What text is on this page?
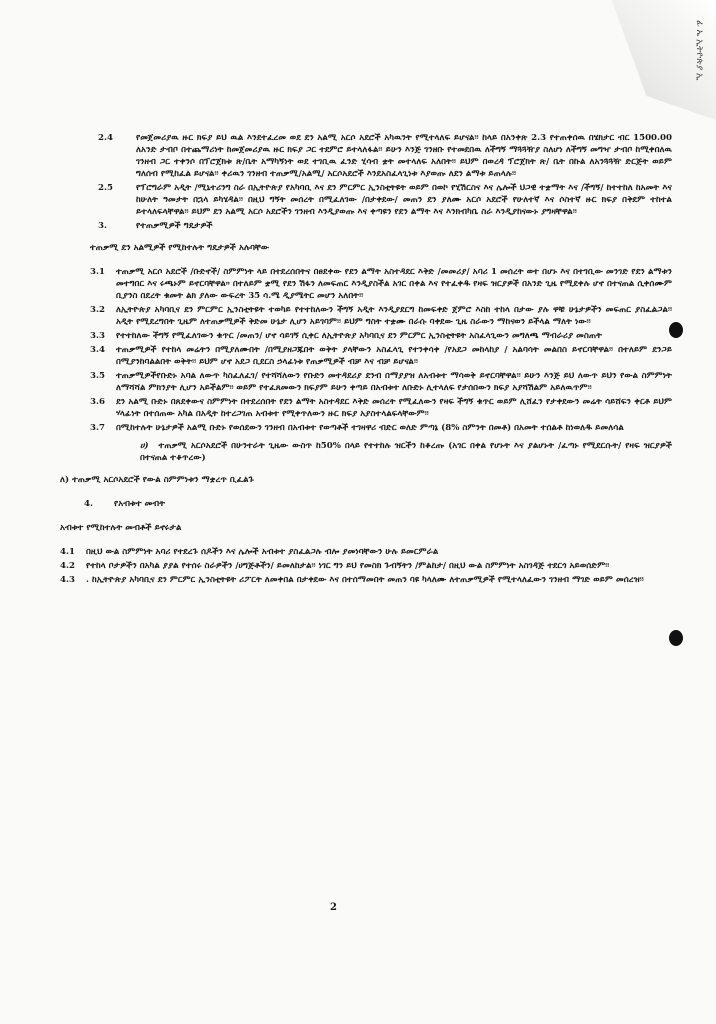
ፊ ኤ ኢትዮጵያ ኢ
2.4	የመጀመሪያዉ ዙር ክፍያ ይህ ዉል እንደተፈረመ ወደ ደን አልሚ አርሶ አደሮች አካዉንት የሚተላለፍ ይሆናል፡፡ ከላይ በአንቀጽ 2.3 የተጠቀሰዉ በሄክታር ብር 1500.00 ለአንድ ታብቦ በተጨማሪነት ከመጀመሪያዉ ዙር ክፍያ ጋር ተደምሮ ይተላለፋል፡፡ ይሁን እንጅ ገንዘቡ የተመደበዉ ለችግኝ ማጓጓዥያ ስለሆነ ለችግኝ መግዣ ታብቦ ከሚቀበለዉ ገንዘብ ጋር ተቀንሶ በፕሮጀክቱ ጽ/ቤት አማካኝነት ወደ ተገቢዉ ፈንድ ሂሳብ ቋት መተላለፍ አለበት፡፡ ይህም በወረዳ ፕሮጀክት ጽ/ ቤት በኩል ለአንጓጓዥ ድርጅት ወይም ግለሰብ የሚከፈል ይሆናል፡፡ ቀሪዉን ገንዘብ ተጠቃሚ/አልሚ/ አርሶአደሮች እንደአስፈላጊነቱ እያወጡ ለደን ልማቱ ይጠላሉ፡፡
2.5	የፕሮግራም አዲት /ሚኒተሪንግ ስራ በኢትዮጵያ የአካባቢ እና ደን ምርምር ኢንስቲትዩት ወይም በወኮ የሂሽርስና እና ሌሎች ህጋዊ ተቋማት እና /ችግኝ/ ከተተከለ ከአመት እና ከሁለት ዓመታት በኋላ ይካሄዳል፡፡ በዚህ ግኝት መሰረት በሚፈለገው /በታቀደው/ መጠን ደን ያለሙ አርሶ አደሮች የሁለተኛ እና ሶስተኛ ዙር ክፍያ በቅደም ተከተል ይተላለፍላቸዋል፡፡ ይህም ደን አልሚ አርሶ አደሮችን ገንዘብ እንዲያወጡ እና ቀጣዩን የደን ልማት እና እንክብካቤ ስራ እንዲያከናውኑ ያግዛቸዋል፡፡
3.	የተጠቃሚዎች ግዴታዎች
ተጠቃሚ ደን አልሚዎች የሚከተሉት ግዴታዎች አሉባቸው
3.1	ተጠቃሚ አርሶ አደሮች /ቡድኖች/ ስምምነት ላይ በተደረሰበትና በፀደቀው የደን ልማት አስተዳደር እቅድ /መመሪያ/ አባሪ 1 መሰረት ወተ በሆኑ እና በተገቢው መንገድ የደን ልማቱን መተግበር እና ሩጫኑም ይኖርባቸዋል። በተለይም ቋሚ የደን ሽፋን ለመፍጠር እንዲያስችል አገር በቀል እና የተፈቀዱ የዛፍ ዝርያዎች በአንድ ጊዜ የሚደቀሉ ሆኖ በተናጠል ሲቀሰሙም ቢያንስ በደረት ቁመት ልክ ያለው ውፍረት 35 ሳ.ሜ ዲያሜትር መሆን አለበት፡፡
3.2	ለኢትዮጵያ አካባቢና ደን ምርምር ኢንስቲትዩት ተወካይ የተተከለውን ችግኝ አዲት እንዲያደርግ ከመፍቀድ ጀምሮ እስከ ተከላ በታው ያሉ ዋቹ ሁኔታዎችን መፍጠር ያስፈልጋል፡፡ አዲት የሚደረግበት ጊዜም ለተጠቃሚዎች ቅድመ ሁኔታ ሊሆን አይገባም፡፡ ይህም ግስት ተቋሙ በራሱ ባቀደው ጊዜ ስራውን ማከናወን ይችላል ማለት ነው፡፡
3.3	የተተከለው ችግኝ የሚፈለገውን ቁጥር /መጠን/ ሆኖ ሳይገኝ ሲቀር ለኢትዮጵያ አካባቢና ደን ምርምር ኢንስቲትዩት አስፈላጊውን መግለጫ ማብራሪያ መስጠት
3.4	ተጠቃሚዎች የተከላ መሬትን በሚያለሙበት /በሚያዘጋጁበት ወቅት ያላቸውን አስፈላጊ የተንቀሳቀ /የአደጋ መከላከያ / አልባሳት መልበስ ይኖርባቸዋል፡፡ በተለይም ደንጋይ በሚያንከባልልበት ወቅት፡፡ ይህም ሆኖ አደጋ ቢደርስ ኃላፊነቱ የጠቃሚዎች ብቻ እና ብቻ ይሆናል፡፡
3.5	ተጠቃሚዎችየቡድኑ አባል ለውጥ ካስፈለፈገ/ የተሻሻለውን የቡድን መተዳደሪያ ደንብ በማያያዝ ለአብቱተ ማሳወቅ ይኖርባቸዋል፡፡ ይሁን እንጅ ይህ ለውጥ ይህን የውል ስምምነት ለማሻሻል ምክንያት ሊሆን አይችልም፡፡ ወይም የተፈጸመውን ክፍያም ይሁን ቀጣይ በአብቱተ ለቡድኑ ሊተላለፍ የታሰበውን ክፍያ አያሻሽልም አይለዉጥም፡፡
3.6	ደን አልሚ ቡድኑ በጸደቀውና ስምምነት በተደረሰበት የደን ልማት አስተዳደር እቅድ መሰረት የሚፈለውን የዛፍ ችግኝ ቁጥር ወይም ሊሸፈን የታቀደውን መሬት ሳይሸፍን ቀርቶ ይህም ሃላፊነት በተሰጠው አካል በአዲት ከተረጋገጠ አብቱተ የሚቀጥለውን ዙር ክፍያ አያስተላልፍላቸውም፡፡
3.7	በሚከተሉት ሁኔታዎች አልሚ ቡድኑ የወሰደውን ገንዘብ በአብቱተ የወጣቶች ተገዛዋሪ ብድር ወለድ ምጣኔ (8% ስምንት በመቶ) በአመት ተሰልቶ ከነወለዱ ይመለሳል
ሀ) ተጠቃሚ አርሶአደሮች በሁንተራት ጊዜው ውስጥ ከ50% በላይ የተተከሉ ዝርችን ከቆረጡ (አገር በቀል የሆኑት እና ያልሆኑት /ፈጣኑ የሚደርሱት/ የዛፍ ዝርያዎች በተናጠል ተቆጥረው)
ለ) ተጠቃሚ አርሶአደሮች የውል ስምምነቱን ማቋረጥ ቢፈልጉ
4.	የአብቱተ መብት
አብቱተ የሚከተሉት መብቶች ይኖሩታል
4.1	በዚህ ውል ስምምነት አባሪ የተደረጉ ሰዶችን እና ሌሎች አብቱተ ያስፈልጋሉ ብሎ ያመነባቸውን ሁሉ ይመርምራል
4.2	የተከላ ቦታዎችን በአካል ያያል የተሰሩ ስራዎችን /ሀግጅቶችን/ ይመለከታል፡፡ ነገር ግን ይህ የመስክ ጉብኝትን /ምልከታ/ በዚህ ውል ስምምነት አስገዳጅ ተደርጎ አይወሰድም፡፡
4.3	. ከኢትዮጵያ አካባቢና ደን ምርምር ኢንስቲትዩት ሪፖርት ለመቀበል በታቀደው እና በተሰማመበት መጠን ባዩ ካላለሙ ለተጠቃሚዎች የሚተላለፈውን ገንዘብ ማገድ ወይም መሰረዝ፡፡
2
